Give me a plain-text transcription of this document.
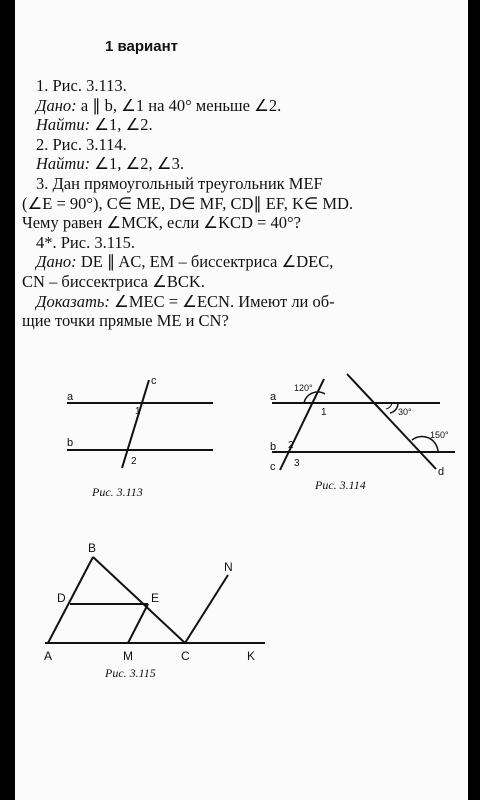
1 вариант
1. Рис. 3.113.
Дано: a ∥ b, ∠1 на 40° меньше ∠2.
Найти: ∠1, ∠2.
2. Рис. 3.114.
Найти: ∠1, ∠2, ∠3.
3. Дан прямоугольный треугольник MEF
(∠E = 90°), C∈ ME, D∈ MF, CD∥ EF, K∈ MD.
Чему равен ∠MCK, если ∠KCD = 40°?
4*. Рис. 3.115.
Дано: DE ∥ AC, EM – биссектриса ∠DEC,
CN – биссектриса ∠BCK.
Доказать: ∠MEC = ∠ECN. Имеют ли об-
щие точки прямые ME и CN?
a
b
c
1
2
Рис. 3.113
a
b
c	d
1
2
3
120°
30°
150°
Рис. 3.114
B
D	E
N
A	M	C	K
Рис. 3.115
